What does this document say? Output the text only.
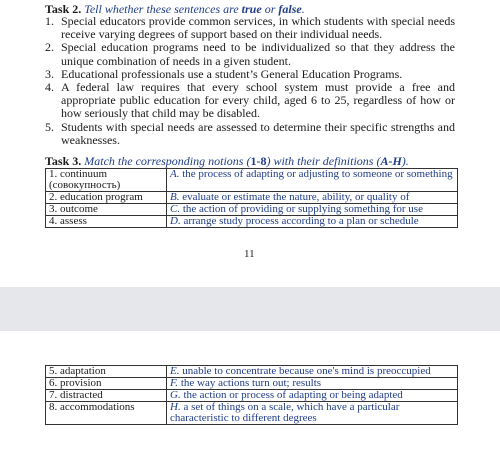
Task 2. Tell whether these sentences are true or false.
1. Special educators provide common services, in which students with special needs receive varying degrees of support based on their individual needs.
2. Special education programs need to be individualized so that they address the unique combination of needs in a given student.
3. Educational professionals use a student’s General Education Programs.
4. A federal law requires that every school system must provide a free and appropriate public education for every child, aged 6 to 25, regardless of how or how seriously that child may be disabled.
5. Students with special needs are assessed to determine their specific strengths and weaknesses.
Task 3. Match the corresponding notions (1-8) with their definitions (A-H).
1. continuum
(совокупность)	A. the process of adapting or adjusting to someone or something
2. education program	B. evaluate or estimate the nature, ability, or quality of
3. outcome	C. the action of providing or supplying something for use
4. assess	D. arrange study process according to a plan or schedule
11
5. adaptation	E. unable to concentrate because one's mind is preoccupied
6. provision	F. the way actions turn out; results
7. distracted	G. the action or process of adapting or being adapted
8. accommodations	H. a set of things on a scale, which have a particular characteristic to different degrees
